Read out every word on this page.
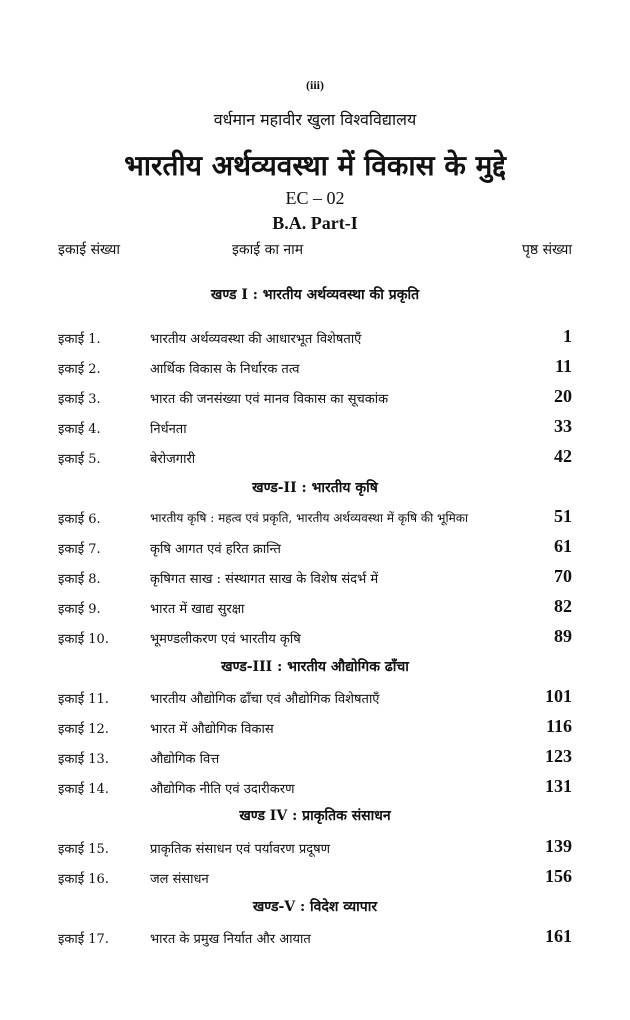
(iii)
वर्धमान महावीर खुला विश्वविद्यालय
भारतीय अर्थव्यवस्था में विकास के मुद्दे
EC – 02
B.A. Part-I
इकाई संख्या	इकाई का नाम	पृष्ठ संख्या
खण्ड I : भारतीय अर्थव्यवस्था की प्रकृति
इकाई 1.	भारतीय अर्थव्यवस्था की आधारभूत विशेषताएँ	1
इकाई 2.	आर्थिक विकास के निर्धारक तत्व	11
इकाई 3.	भारत की जनसंख्या एवं मानव विकास का सूचकांक	20
इकाई 4.	निर्धनता	33
इकाई 5.	बेरोजगारी	42
खण्ड-II : भारतीय कृषि
इकाई 6.	भारतीय कृषि : महत्व एवं प्रकृति, भारतीय अर्थव्यवस्था में कृषि की भूमिका	51
इकाई 7.	कृषि आगत एवं हरित क्रान्ति	61
इकाई 8.	कृषिगत साख : संस्थागत साख के विशेष संदर्भ में	70
इकाई 9.	भारत में खाद्य सुरक्षा	82
इकाई 10.	भूमण्डलीकरण एवं भारतीय कृषि	89
खण्ड-III : भारतीय औद्योगिक ढाँचा
इकाई 11.	भारतीय औद्योगिक ढाँचा एवं औद्योगिक विशेषताएँ	101
इकाई 12.	भारत में औद्योगिक विकास	116
इकाई 13.	औद्योगिक वित्त	123
इकाई 14.	औद्योगिक नीति एवं उदारीकरण	131
खण्ड IV : प्राकृतिक संसाधन
इकाई 15.	प्राकृतिक संसाधन एवं पर्यावरण प्रदूषण	139
इकाई 16.	जल संसाधन	156
खण्ड-V : विदेश व्यापार
इकाई 17.	भारत के प्रमुख निर्यात और आयात	161
